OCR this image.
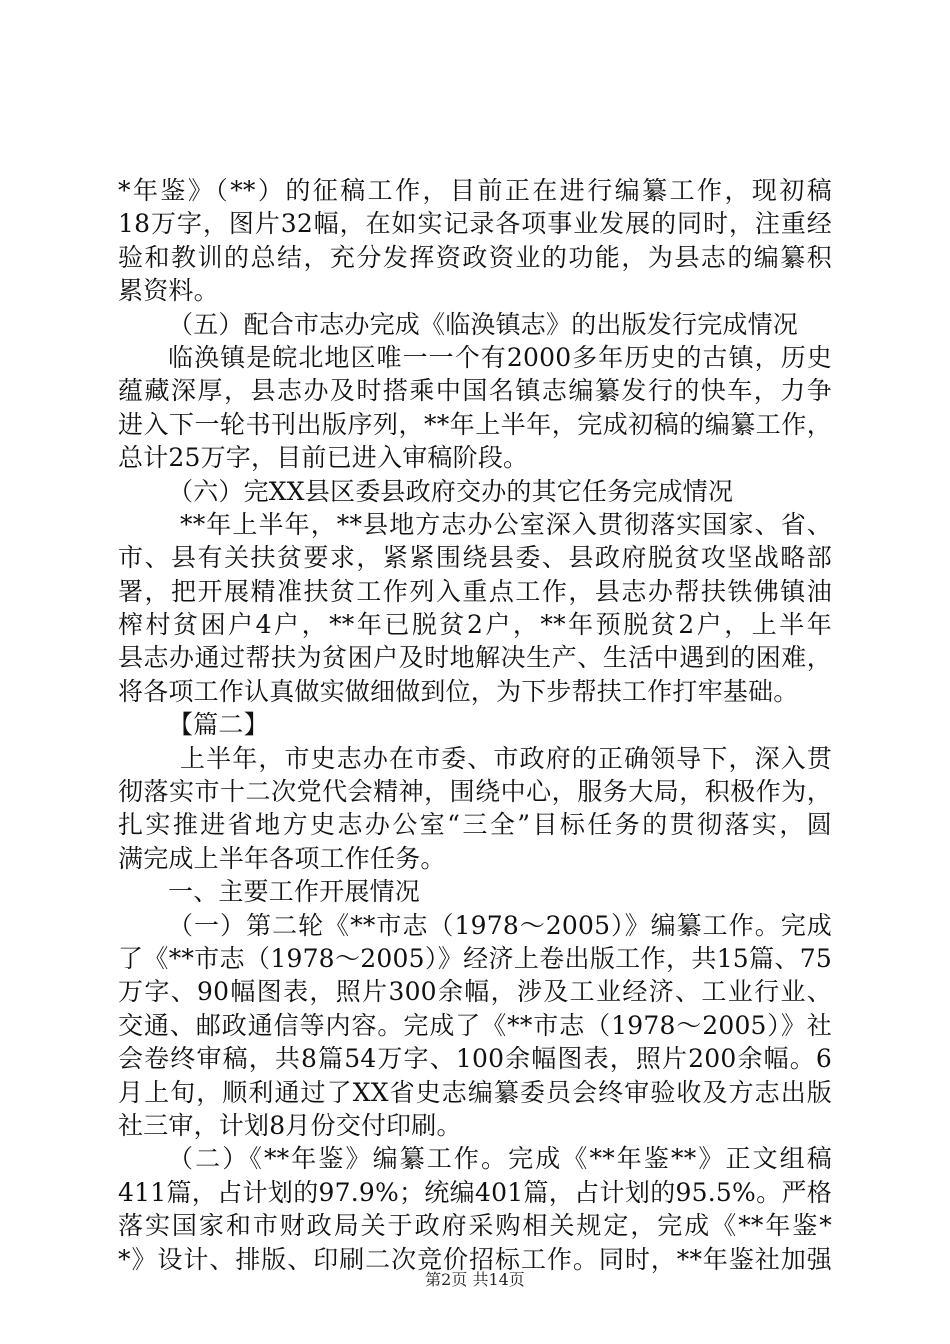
*年鉴》（**）的征稿工作，目前正在进行编纂工作，现初稿
18万字，图片32幅，在如实记录各项事业发展的同时，注重经
验和教训的总结，充分发挥资政资业的功能，为县志的编纂积
累资料。
（五）配合市志办完成《临涣镇志》的出版发行完成情况
临涣镇是皖北地区唯一一个有2000多年历史的古镇，历史
蕴藏深厚，县志办及时搭乘中国名镇志编纂发行的快车，力争
进入下一轮书刊出版序列，**年上半年，完成初稿的编纂工作，
总计25万字，目前已进入审稿阶段。
（六）完XX县区委县政府交办的其它任务完成情况
**年上半年，**县地方志办公室深入贯彻落实国家、省、
市、县有关扶贫要求，紧紧围绕县委、县政府脱贫攻坚战略部
署，把开展精准扶贫工作列入重点工作，县志办帮扶铁佛镇油
榨村贫困户4户，**年已脱贫2户，**年预脱贫2户，上半年
县志办通过帮扶为贫困户及时地解决生产、生活中遇到的困难，
将各项工作认真做实做细做到位，为下步帮扶工作打牢基础。
【篇二】
上半年，市史志办在市委、市政府的正确领导下，深入贯
彻落实市十二次党代会精神，围绕中心，服务大局，积极作为，
扎实推进省地方史志办公室“三全”目标任务的贯彻落实，圆
满完成上半年各项工作任务。
一、主要工作开展情况
（一）第二轮《**市志（1978～2005）》编纂工作。完成
了《**市志（1978～2005）》经济上卷出版工作，共15篇、75
万字、90幅图表，照片300余幅，涉及工业经济、工业行业、
交通、邮政通信等内容。完成了《**市志（1978～2005）》社
会卷终审稿，共8篇54万字、100余幅图表，照片200余幅。6
月上旬，顺利通过了XX省史志编纂委员会终审验收及方志出版
社三审，计划8月份交付印刷。
（二）《**年鉴》编纂工作。完成《**年鉴**》正文组稿
411篇，占计划的97.9%；统编401篇，占计划的95.5%。严格
落实国家和市财政局关于政府采购相关规定，完成《**年鉴*
*》设计、排版、印刷二次竞价招标工作。同时，**年鉴社加强
第2页 共14页
